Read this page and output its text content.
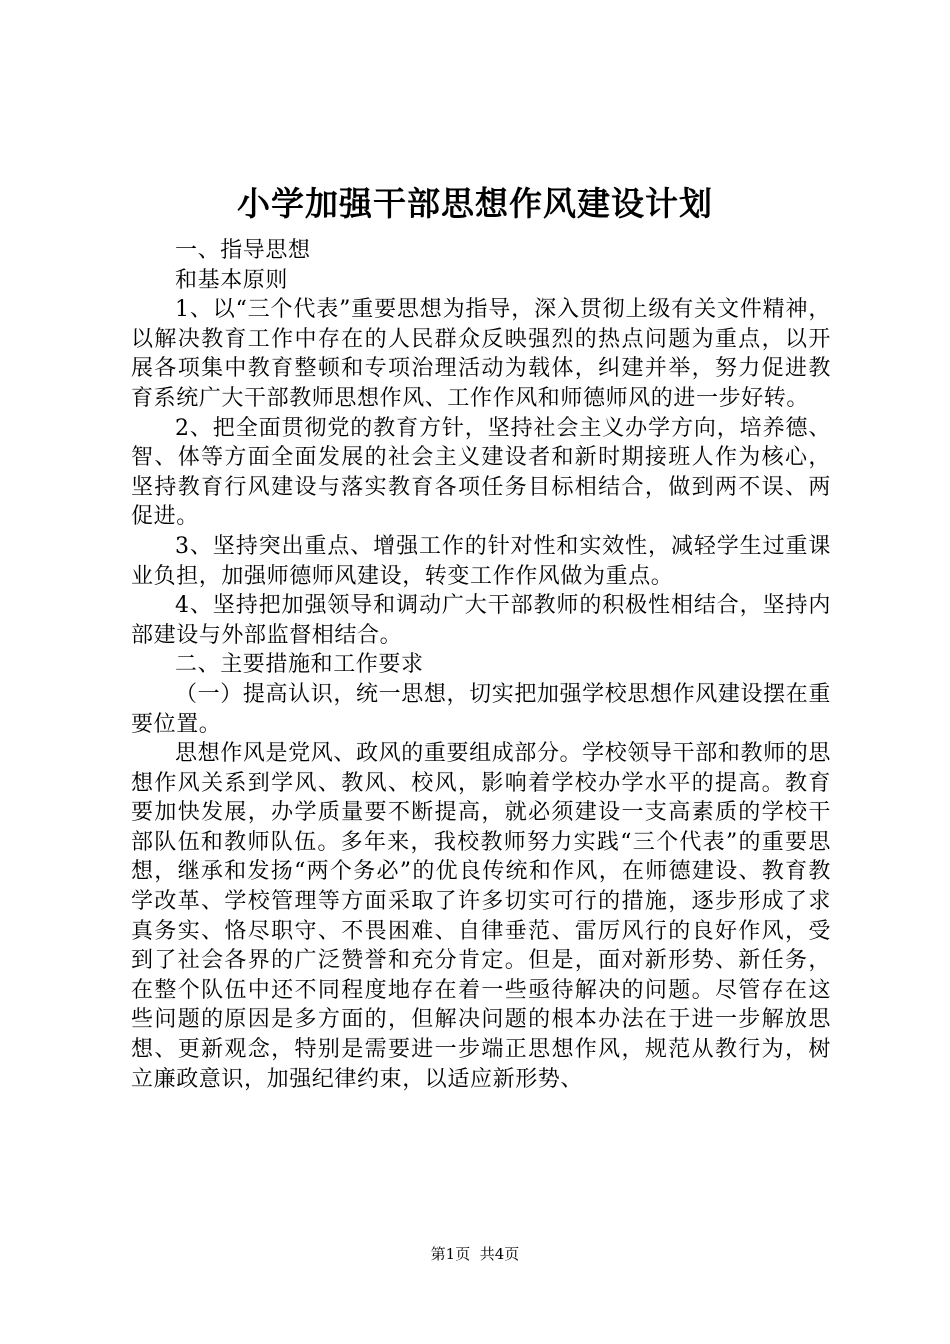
小学加强干部思想作风建设计划

一、指导思想

和基本原则

1、以“三个代表”重要思想为指导，深入贯彻上级有关文件精神，以解决教育工作中存在的人民群众反映强烈的热点问题为重点，以开展各项集中教育整顿和专项治理活动为载体，纠建并举，努力促进教育系统广大干部教师思想作风、工作作风和师德师风的进一步好转。

2、把全面贯彻党的教育方针，坚持社会主义办学方向，培养德、智、体等方面全面发展的社会主义建设者和新时期接班人作为核心，坚持教育行风建设与落实教育各项任务目标相结合，做到两不误、两促进。

3、坚持突出重点、增强工作的针对性和实效性，减轻学生过重课业负担，加强师德师风建设，转变工作作风做为重点。

4、坚持把加强领导和调动广大干部教师的积极性相结合，坚持内部建设与外部监督相结合。

二、主要措施和工作要求

（一）提高认识，统一思想，切实把加强学校思想作风建设摆在重要位置。

思想作风是党风、政风的重要组成部分。学校领导干部和教师的思想作风关系到学风、教风、校风，影响着学校办学水平的提高。教育要加快发展，办学质量要不断提高，就必须建设一支高素质的学校干部队伍和教师队伍。多年来，我校教师努力实践“三个代表”的重要思想，继承和发扬“两个务必”的优良传统和作风，在师德建设、教育教学改革、学校管理等方面采取了许多切实可行的措施，逐步形成了求真务实、恪尽职守、不畏困难、自律垂范、雷厉风行的良好作风，受到了社会各界的广泛赞誉和充分肯定。但是，面对新形势、新任务，在整个队伍中还不同程度地存在着一些亟待解决的问题。尽管存在这些问题的原因是多方面的，但解决问题的根本办法在于进一步解放思想、更新观念，特别是需要进一步端正思想作风，规范从教行为，树立廉政意识，加强纪律约束，以适应新形势、

第1页 共4页
